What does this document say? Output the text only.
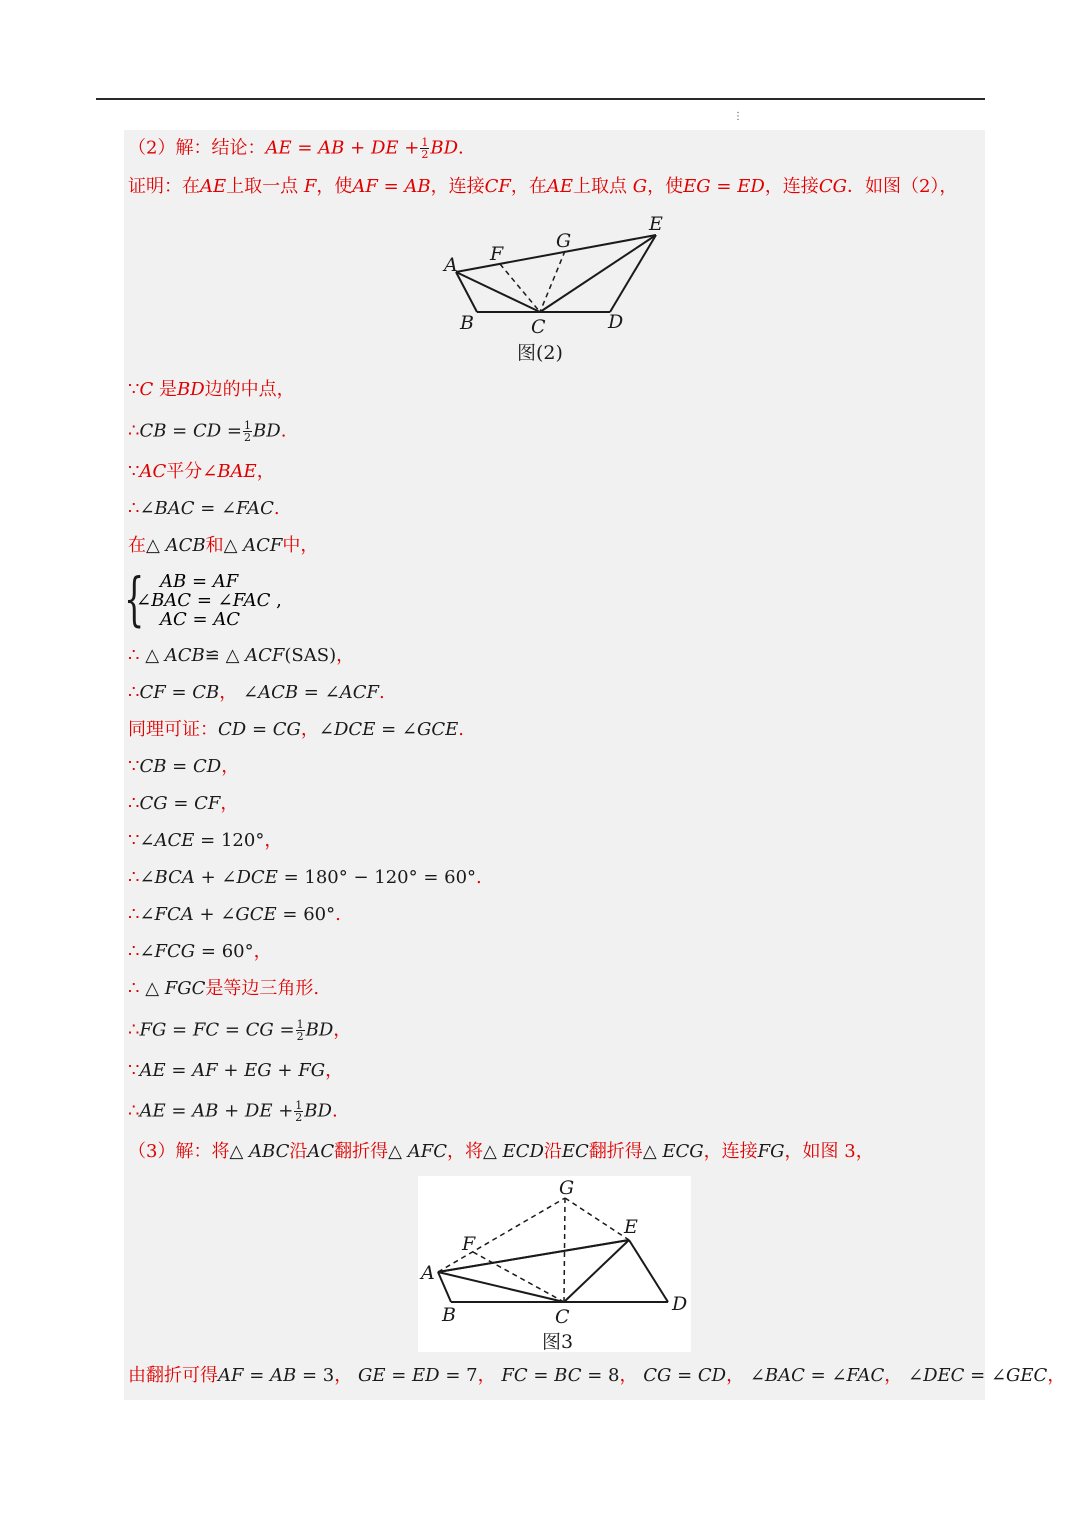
⋮
（2）解：结论：AE = AB + DE + $\frac{1}{2}$ BD.
证明：在AE上取一点 F，使AF = AB，连接CF，在AE上取点 G，使EG = ED，连接CG．如图（2），
A
B	C	D
E
F
G
图(2)
∵C 是BD边的中点，
∴CB = CD = $\frac{1}{2}$ BD.
∵AC平分∠BAE，
∴∠BAC = ∠FAC.
在△ ACB和△ ACF中，
{ AB = AF
∠BAC = ∠FAC ,
AC = AC
∴ △ ACB≌ △ ACF(SAS)，
∴CF = CB， ∠ACB = ∠ACF.
同理可证：CD = CG，∠DCE = ∠GCE.
∵CB = CD，
∴CG = CF，
∵∠ACE = 120°，
∴∠BCA + ∠DCE = 180° − 120° = 60°.
∴∠FCA + ∠GCE = 60°.
∴∠FCG = 60°，
∴ △ FGC是等边三角形.
∴FG = FC = CG = $\frac{1}{2}$ BD，
∵AE = AF + EG + FG，
∴AE = AB + DE + $\frac{1}{2}$ BD.
（3）解：将△ ABC沿AC翻折得△ AFC，将△ ECD沿EC翻折得△ ECG，连接FG，如图 3，
A
B	C
D
E
F
G
图3
由翻折可得AF = AB = 3， GE = ED = 7， FC = BC = 8， CG = CD， ∠BAC = ∠FAC， ∠DEC = ∠GEC，
